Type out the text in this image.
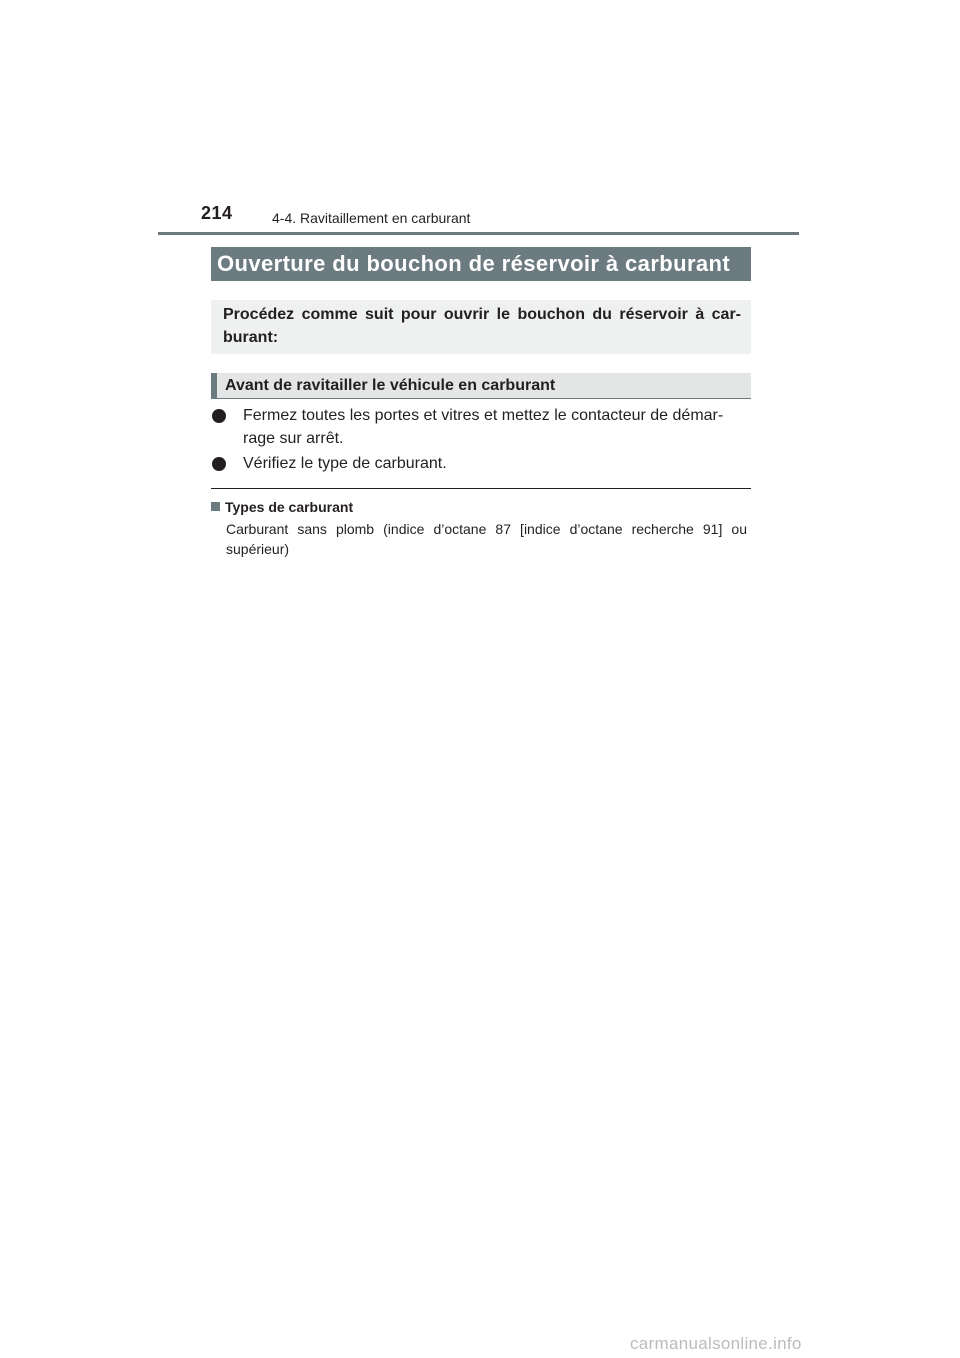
214	4-4. Ravitaillement en carburant
Ouverture du bouchon de réservoir à carburant
Procédez comme suit pour ouvrir le bouchon du réservoir à car-burant:
Avant de ravitailler le véhicule en carburant
Fermez toutes les portes et vitres et mettez le contacteur de démar-rage sur arrêt.
Vérifiez le type de carburant.
Types de carburant
Carburant sans plomb (indice d’octane 87 [indice d’octane recherche 91] ou supérieur)
carmanualsonline.info
